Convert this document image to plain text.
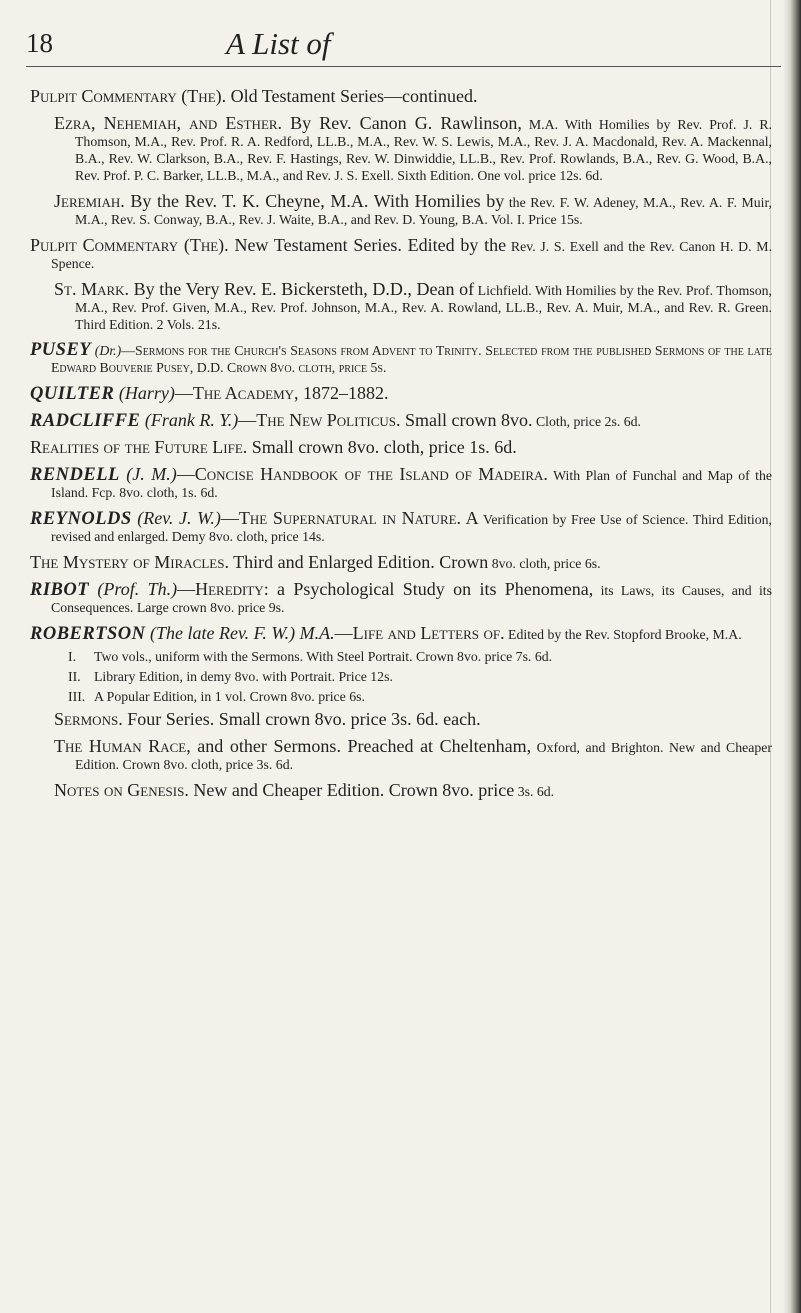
18	A List of

Pulpit Commentary (The). Old Testament Series—continued.

Ezra, Nehemiah, and Esther. By Rev. Canon G. Rawlinson, M.A. With Homilies by Rev. Prof. J. R. Thomson, M.A., Rev. Prof. R. A. Redford, LL.B., M.A., Rev. W. S. Lewis, M.A., Rev. J. A. Macdonald, Rev. A. Mackennal, B.A., Rev. W. Clarkson, B.A., Rev. F. Hastings, Rev. W. Dinwiddie, LL.B., Rev. Prof. Rowlands, B.A., Rev. G. Wood, B.A., Rev. Prof. P. C. Barker, LL.B., M.A., and Rev. J. S. Exell. Sixth Edition. One vol. price 12s. 6d.

Jeremiah. By the Rev. T. K. Cheyne, M.A. With Homilies by the Rev. F. W. Adeney, M.A., Rev. A. F. Muir, M.A., Rev. S. Conway, B.A., Rev. J. Waite, B.A., and Rev. D. Young, B.A. Vol. I. Price 15s.

Pulpit Commentary (The). New Testament Series. Edited by the Rev. J. S. Exell and the Rev. Canon H. D. M. Spence.

St. Mark. By the Very Rev. E. Bickersteth, D.D., Dean of Lichfield. With Homilies by the Rev. Prof. Thomson, M.A., Rev. Prof. Given, M.A., Rev. Prof. Johnson, M.A., Rev. A. Rowland, LL.B., Rev. A. Muir, M.A., and Rev. R. Green. Third Edition. 2 Vols. 21s.

PUSEY (Dr.)—Sermons for the Church's Seasons from Advent to Trinity. Selected from the published Sermons of the late Edward Bouverie Pusey, D.D. Crown 8vo. cloth, price 5s.

QUILTER (Harry)—The Academy, 1872–1882.

RADCLIFFE (Frank R. Y.)—The New Politicus. Small crown 8vo. Cloth, price 2s. 6d.

Realities of the Future Life. Small crown 8vo. cloth, price 1s. 6d.

RENDELL (J. M.)—Concise Handbook of the Island of Madeira. With Plan of Funchal and Map of the Island. Fcp. 8vo. cloth, 1s. 6d.

REYNOLDS (Rev. J. W.)—The Supernatural in Nature. A Verification by Free Use of Science. Third Edition, revised and enlarged. Demy 8vo. cloth, price 14s.

The Mystery of Miracles. Third and Enlarged Edition. Crown 8vo. cloth, price 6s.

RIBOT (Prof. Th.)—Heredity: a Psychological Study on its Phenomena, its Laws, its Causes, and its Consequences. Large crown 8vo. price 9s.

ROBERTSON (The late Rev. F. W.) M.A.—Life and Letters of. Edited by the Rev. Stopford Brooke, M.A.

I. Two vols., uniform with the Sermons. With Steel Portrait. Crown 8vo. price 7s. 6d.
II. Library Edition, in demy 8vo. with Portrait. Price 12s.
III. A Popular Edition, in 1 vol. Crown 8vo. price 6s.

Sermons. Four Series. Small crown 8vo. price 3s. 6d. each.

The Human Race, and other Sermons. Preached at Cheltenham, Oxford, and Brighton. New and Cheaper Edition. Crown 8vo. cloth, price 3s. 6d.

Notes on Genesis. New and Cheaper Edition. Crown 8vo. price 3s. 6d.
